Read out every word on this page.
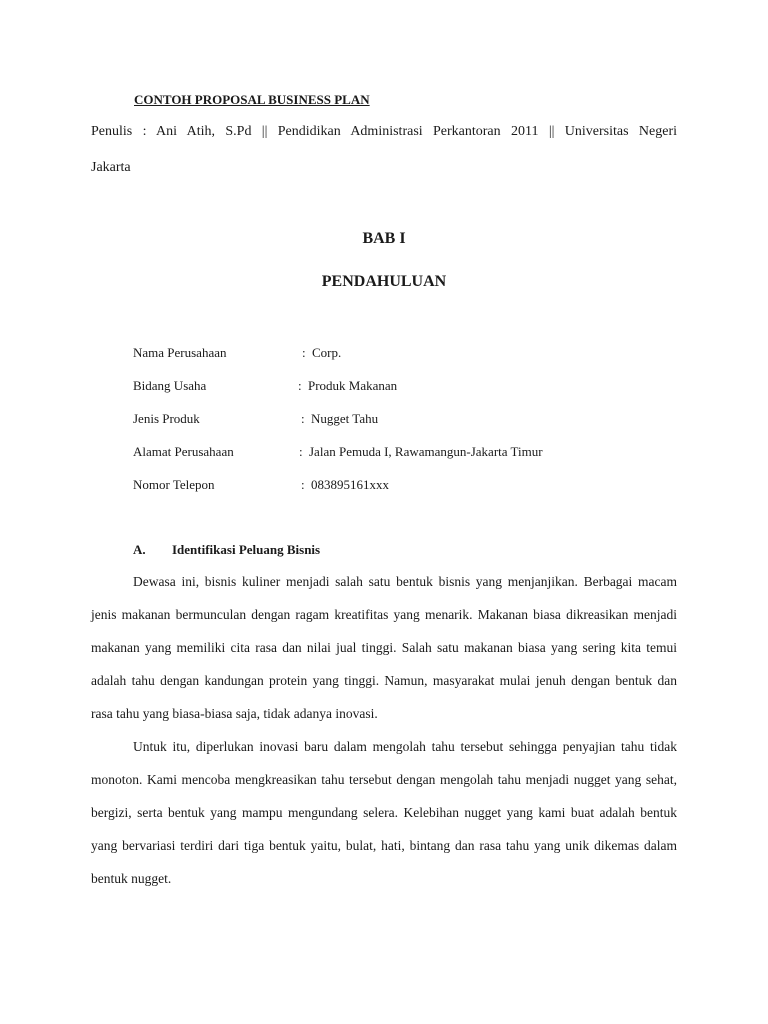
CONTOH PROPOSAL BUSINESS PLAN

Penulis : Ani Atih, S.Pd || Pendidikan Administrasi Perkantoran 2011 || Universitas Negeri

Jakarta

BAB I
PENDAHULUAN
Nama Perusahaan	: Corp.
Bidang Usaha	: Produk Makanan
Jenis Produk	: Nugget Tahu
Alamat Perusahaan	: Jalan Pemuda I, Rawamangun-Jakarta Timur
Nomor Telepon	: 083895161xxx
A. Identifikasi Peluang Bisnis

Dewasa ini, bisnis kuliner menjadi salah satu bentuk bisnis yang menjanjikan. Berbagai macam

jenis makanan bermunculan dengan ragam kreatifitas yang menarik. Makanan biasa dikreasikan menjadi

makanan yang memiliki cita rasa dan nilai jual tinggi. Salah satu makanan biasa yang sering kita temui

adalah tahu dengan kandungan protein yang tinggi. Namun, masyarakat mulai jenuh dengan bentuk dan

rasa tahu yang biasa-biasa saja, tidak adanya inovasi.

Untuk itu, diperlukan inovasi baru dalam mengolah tahu tersebut sehingga penyajian tahu tidak

monoton. Kami mencoba mengkreasikan tahu tersebut dengan mengolah tahu menjadi nugget yang sehat,

bergizi, serta bentuk yang mampu mengundang selera. Kelebihan nugget yang kami buat adalah bentuk

yang bervariasi terdiri dari tiga bentuk yaitu, bulat, hati, bintang dan rasa tahu yang unik dikemas dalam

bentuk nugget.
